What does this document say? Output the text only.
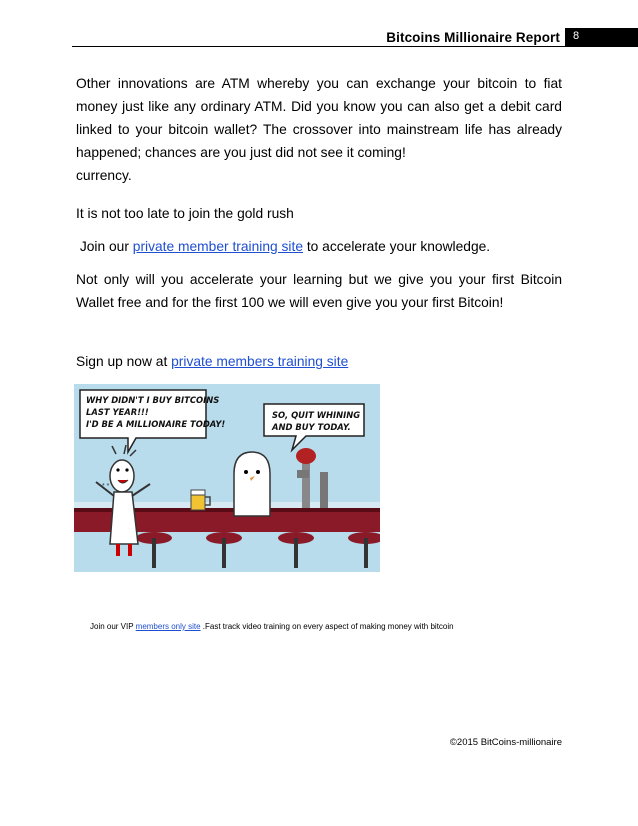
Bitcoins Millionaire Report	8
Other innovations are ATM whereby you can exchange your bitcoin to fiat money just like any ordinary ATM. Did you know you can also get a debit card linked to your bitcoin wallet? The crossover into mainstream life has already happened; chances are you just did not see it coming!
currency.
It is not too late to join the gold rush
Join our private member training site to accelerate your knowledge.
Not only will you accelerate your learning but we give you your first Bitcoin Wallet free and for the first 100 we will even give you your first Bitcoin!
Sign up now at private members training site
* *
WHY DIDN'T I BUY BITCOINS
LAST YEAR!!!
I'D BE A MILLIONAIRE TODAY!
SO, QUIT WHINING
AND BUY TODAY.
Join our VIP members only site .Fast track video training on every aspect of making money with bitcoin
©2015 BitCoins-millionaire
